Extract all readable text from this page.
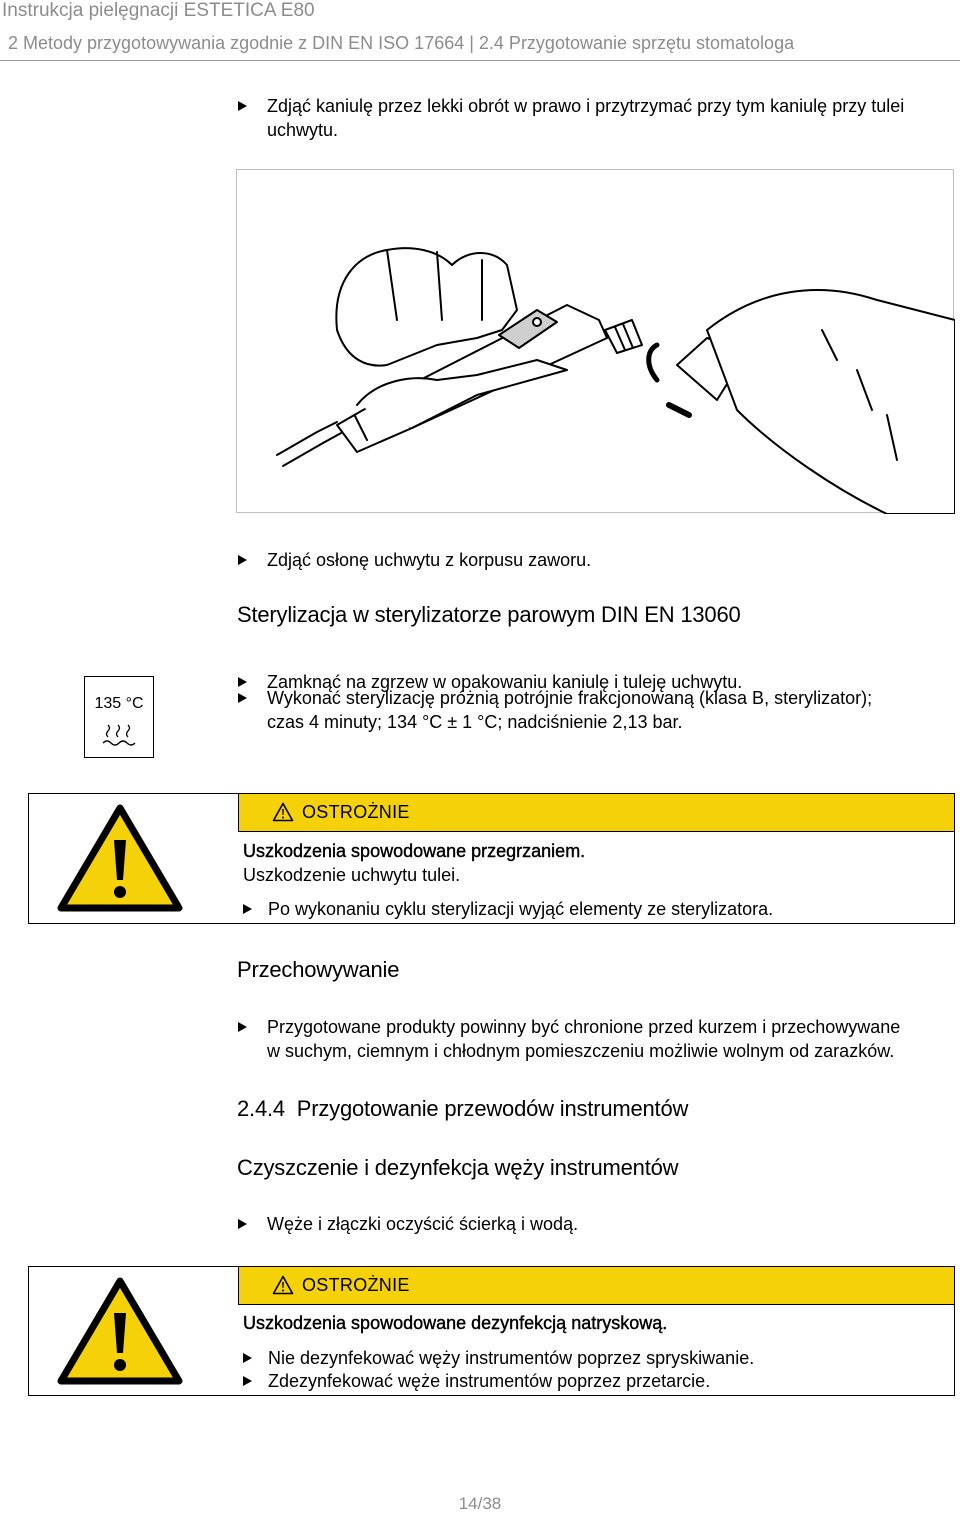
Instrukcja pielęgnacji ESTETICA E80
2 Metody przygotowywania zgodnie z DIN EN ISO 17664 | 2.4 Przygotowanie sprzętu stomatologa
Zdjąć kaniulę przez lekki obrót w prawo i przytrzymać przy tym kaniulę przy tulei
uchwytu.
Zdjąć osłonę uchwytu z korpusu zaworu.
Sterylizacja w sterylizatorze parowym DIN EN 13060
135 °C
Zamknąć na zgrzew w opakowaniu kaniulę i tuleję uchwytu.
Wykonać sterylizację próżnią potrójnie frakcjonowaną (klasa B, sterylizator);
czas 4 minuty; 134 °C ± 1 °C; nadciśnienie 2,13 bar.
OSTROŻNIE
Uszkodzenia spowodowane przegrzaniem.
Uszkodzenie uchwytu tulei.
Po wykonaniu cyklu sterylizacji wyjąć elementy ze sterylizatora.
Przechowywanie
Przygotowane produkty powinny być chronione przed kurzem i przechowywane
w suchym, ciemnym i chłodnym pomieszczeniu możliwie wolnym od zarazków.
2.4.4 Przygotowanie przewodów instrumentów
Czyszczenie i dezynfekcja węży instrumentów
Węże i złączki oczyścić ścierką i wodą.
OSTROŻNIE
Uszkodzenia spowodowane dezynfekcją natryskową.
Nie dezynfekować węży instrumentów poprzez spryskiwanie.
Zdezynfekować węże instrumentów poprzez przetarcie.
14/38
